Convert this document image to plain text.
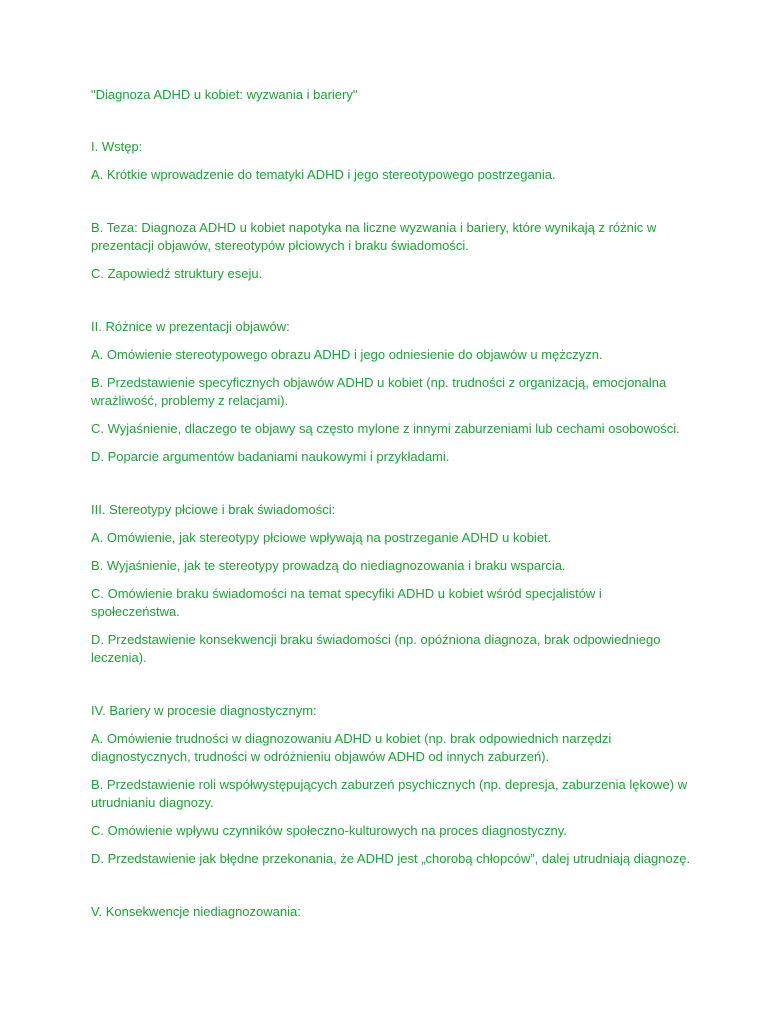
"Diagnoza ADHD u kobiet: wyzwania i bariery"

I. Wstęp:

A. Krótkie wprowadzenie do tematyki ADHD i jego stereotypowego postrzegania.

B. Teza: Diagnoza ADHD u kobiet napotyka na liczne wyzwania i bariery, które wynikają z różnic w prezentacji objawów, stereotypów płciowych i braku świadomości.

C. Zapowiedź struktury eseju.

II. Różnice w prezentacji objawów:

A. Omówienie stereotypowego obrazu ADHD i jego odniesienie do objawów u mężczyzn.

B. Przedstawienie specyficznych objawów ADHD u kobiet (np. trudności z organizacją, emocjonalna wrażliwość, problemy z relacjami).

C. Wyjaśnienie, dlaczego te objawy są często mylone z innymi zaburzeniami lub cechami osobowości.

D. Poparcie argumentów badaniami naukowymi i przykładami.

III. Stereotypy płciowe i brak świadomości:

A. Omówienie, jak stereotypy płciowe wpływają na postrzeganie ADHD u kobiet.

B. Wyjaśnienie, jak te stereotypy prowadzą do niediagnozowania i braku wsparcia.

C. Omówienie braku świadomości na temat specyfiki ADHD u kobiet wśród specjalistów i społeczeństwa.

D. Przedstawienie konsekwencji braku świadomości (np. opóźniona diagnoza, brak odpowiedniego leczenia).

IV. Bariery w procesie diagnostycznym:

A. Omówienie trudności w diagnozowaniu ADHD u kobiet (np. brak odpowiednich narzędzi diagnostycznych, trudności w odróżnieniu objawów ADHD od innych zaburzeń).

B. Przedstawienie roli współwystępujących zaburzeń psychicznych (np. depresja, zaburzenia lękowe) w utrudnianiu diagnozy.

C. Omówienie wpływu czynników społeczno-kulturowych na proces diagnostyczny.

D. Przedstawienie jak błędne przekonania, że ADHD jest „chorobą chłopców”, dalej utrudniają diagnozę.

V. Konsekwencje niediagnozowania:
